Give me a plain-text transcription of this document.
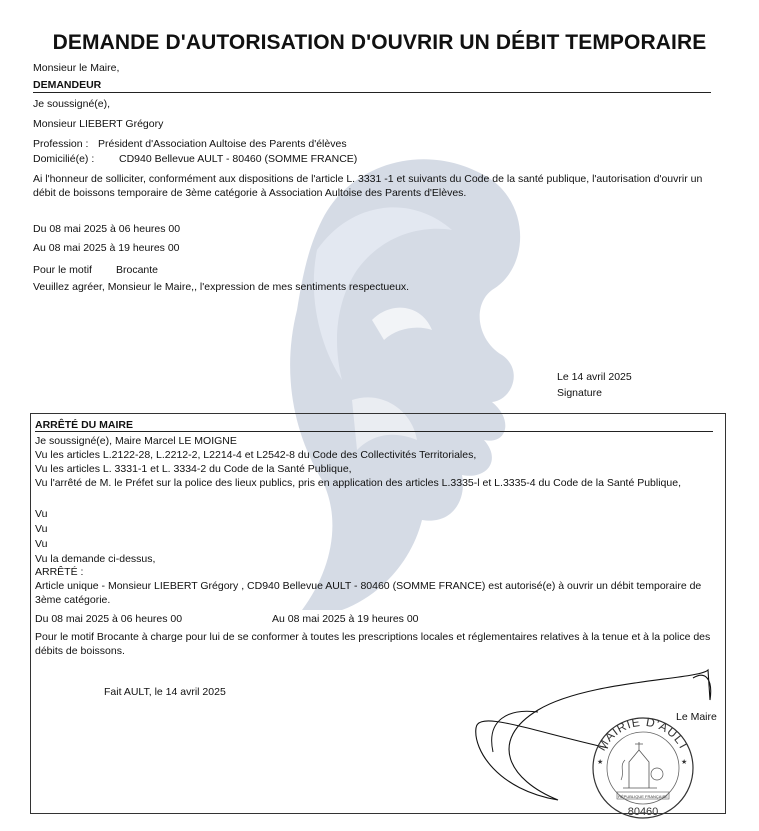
DEMANDE D'AUTORISATION D'OUVRIR UN DÉBIT TEMPORAIRE
Monsieur le Maire,
DEMANDEUR
Je soussigné(e),
Monsieur LIEBERT Grégory
Profession : Président d'Association Aultoise des Parents d'élèves
Domicilié(e) : CD940 Bellevue AULT - 80460 (SOMME FRANCE)
Ai l'honneur de solliciter, conformément aux dispositions de l'article L. 3331 -1 et suivants du Code de la santé publique, l'autorisation d'ouvrir un débit de boissons temporaire de 3ème catégorie à Association Aultoise des Parents d'Elèves.
Du 08 mai 2025 à 06 heures 00
Au 08 mai 2025 à 19 heures 00
Pour le motif Brocante
Veuillez agréer, Monsieur le Maire,, l'expression de mes sentiments respectueux.
Le 14 avril 2025
Signature
ARRÊTÉ DU MAIRE
Je soussigné(e), Maire Marcel LE MOIGNE
Vu les articles L.2122-28, L.2212-2, L2214-4 et L2542-8 du Code des Collectivités Territoriales,
Vu les articles L. 3331-1 et L. 3334-2 du Code de la Santé Publique,
Vu l'arrêté de M. le Préfet sur la police des lieux publics, pris en application des articles L.3335-l et L.3335-4 du Code de la Santé Publique,
Vu
Vu
Vu
Vu la demande ci-dessus,
ARRÊTÉ :
Article unique - Monsieur LIEBERT Grégory , CD940 Bellevue AULT - 80460 (SOMME FRANCE) est autorisé(e) à ouvrir un débit temporaire de 3ème catégorie.
Du 08 mai 2025 à 06 heures 00	Au 08 mai 2025 à 19 heures 00
Pour le motif Brocante à charge pour lui de se conformer à toutes les prescriptions locales et réglementaires relatives à la tenue et à la police des débits de boissons.
Fait AULT, le 14 avril 2025
MAIRIE D'AULT
80460
RÉPUBLIQUE FRANÇAISE
★	★
Le Maire
